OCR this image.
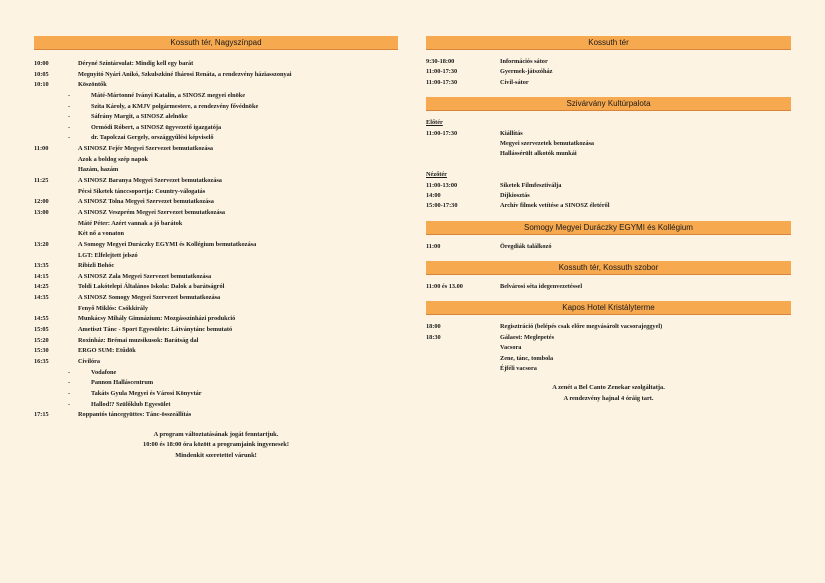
Kossuth tér, Nagyszínpad
10:00	Déryné Színtársulat: Mindig kell egy barát
10:05	Megnyitó Nyári Anikó, Szkulszkiné Ihárosi Renáta, a rendezvény háziasszonyai
10:10	Köszöntők
-	Máté-Mártonné Iványi Katalin, a SINOSZ megyei elnöke
-	Szita Károly, a KMJV polgármestere, a rendezvény fővédnöke
-	Sáfrány Margit, a SINOSZ alelnöke
-	Ormódi Róbert, a SINOSZ ügyvezető igazgatója
-	dr. Tapolczai Gergely, országgyűlési képviselő
11:00	A SINOSZ Fejér Megyei Szervezet bemutatkozása
Azok a boldog szép napok
Hazám, hazám
11:25	A SINOSZ Baranya Megyei Szervezet bemutatkozása
Pécsi Siketek tánccsoportja: Country-válogatás
12:00	A SINOSZ Tolna Megyei Szervezet bemutatkozása
13:00	A SINOSZ Veszprém Megyei Szervezet bemutatkozása
Máté Péter: Azért vannak a jó barátok
Két nő a vonaton
13:20	A Somogy Megyei Duráczky EGYMI és Kollégium bemutatkozása
LGT: Elfelejtett jelszó
13:35	Ribizli Bohóc
14:15	A SINOSZ Zala Megyei Szervezet bemutatkozása
14:25	Toldi Lakótelepi Általános Iskola: Dalok a barátságról
14:35	A SINOSZ Somogy Megyei Szervezet bemutatkozása
Fenyő Miklós: Csókkirály
14:55	Munkácsy Mihály Gimnázium: Mozgásszínházi produkció
15:05	Ametiszt Tánc - Sport Egyesülete: Látványtánc bemutató
15:20	Roxinház: Brémai muzsikusok: Barátság dal
15:30	ERGO SUM: Etűdök
16:35	Civilóra
-	Vodafone
-	Pannon Halláscentrum
-	Takáts Gyula Megyei és Városi Könyvtár
-	Hallod!? Szülőklub Egyesület
17:15	Roppantós táncegyüttes: Tánc-összeállítás
A program változtatásának jogát fenntartjuk.
10:00 és 18:00 óra között a programjaink ingyenesek!
Mindenkit szeretettel várunk!
Kossuth tér
9:30-18:00	Információs sátor
11:00-17:30	Gyermek-játszóház
11:00-17:30	Civil-sátor
Szivárvány Kultúrpalota
Előtér
11:00-17:30	Kiállítás
Megyei szervezetek bemutatkozása
Hallássérült alkotók munkái
Nézőtér
11:00-13:00	Siketek Filmfesztiválja
14:00	Díjkiosztás
15:00-17:30	Archív filmek vetítése a SINOSZ életéről
Somogy Megyei Duráczky EGYMI és Kollégium
11:00	Öregdiák találkozó
Kossuth tér, Kossuth szobor
11:00 és 13.00	Belvárosi séta idegenvezetéssel
Kapos Hotel Kristályterme
18:00	Regisztráció (belépés csak előre megvásárolt vacsorajeggyel)
18:30	Gálaest: Meglepetés
Vacsora
Zene, tánc, tombola
Éjféli vacsora
A zenét a Bel Canto Zenekar szolgáltatja.
A rendezvény hajnal 4 óráig tart.
